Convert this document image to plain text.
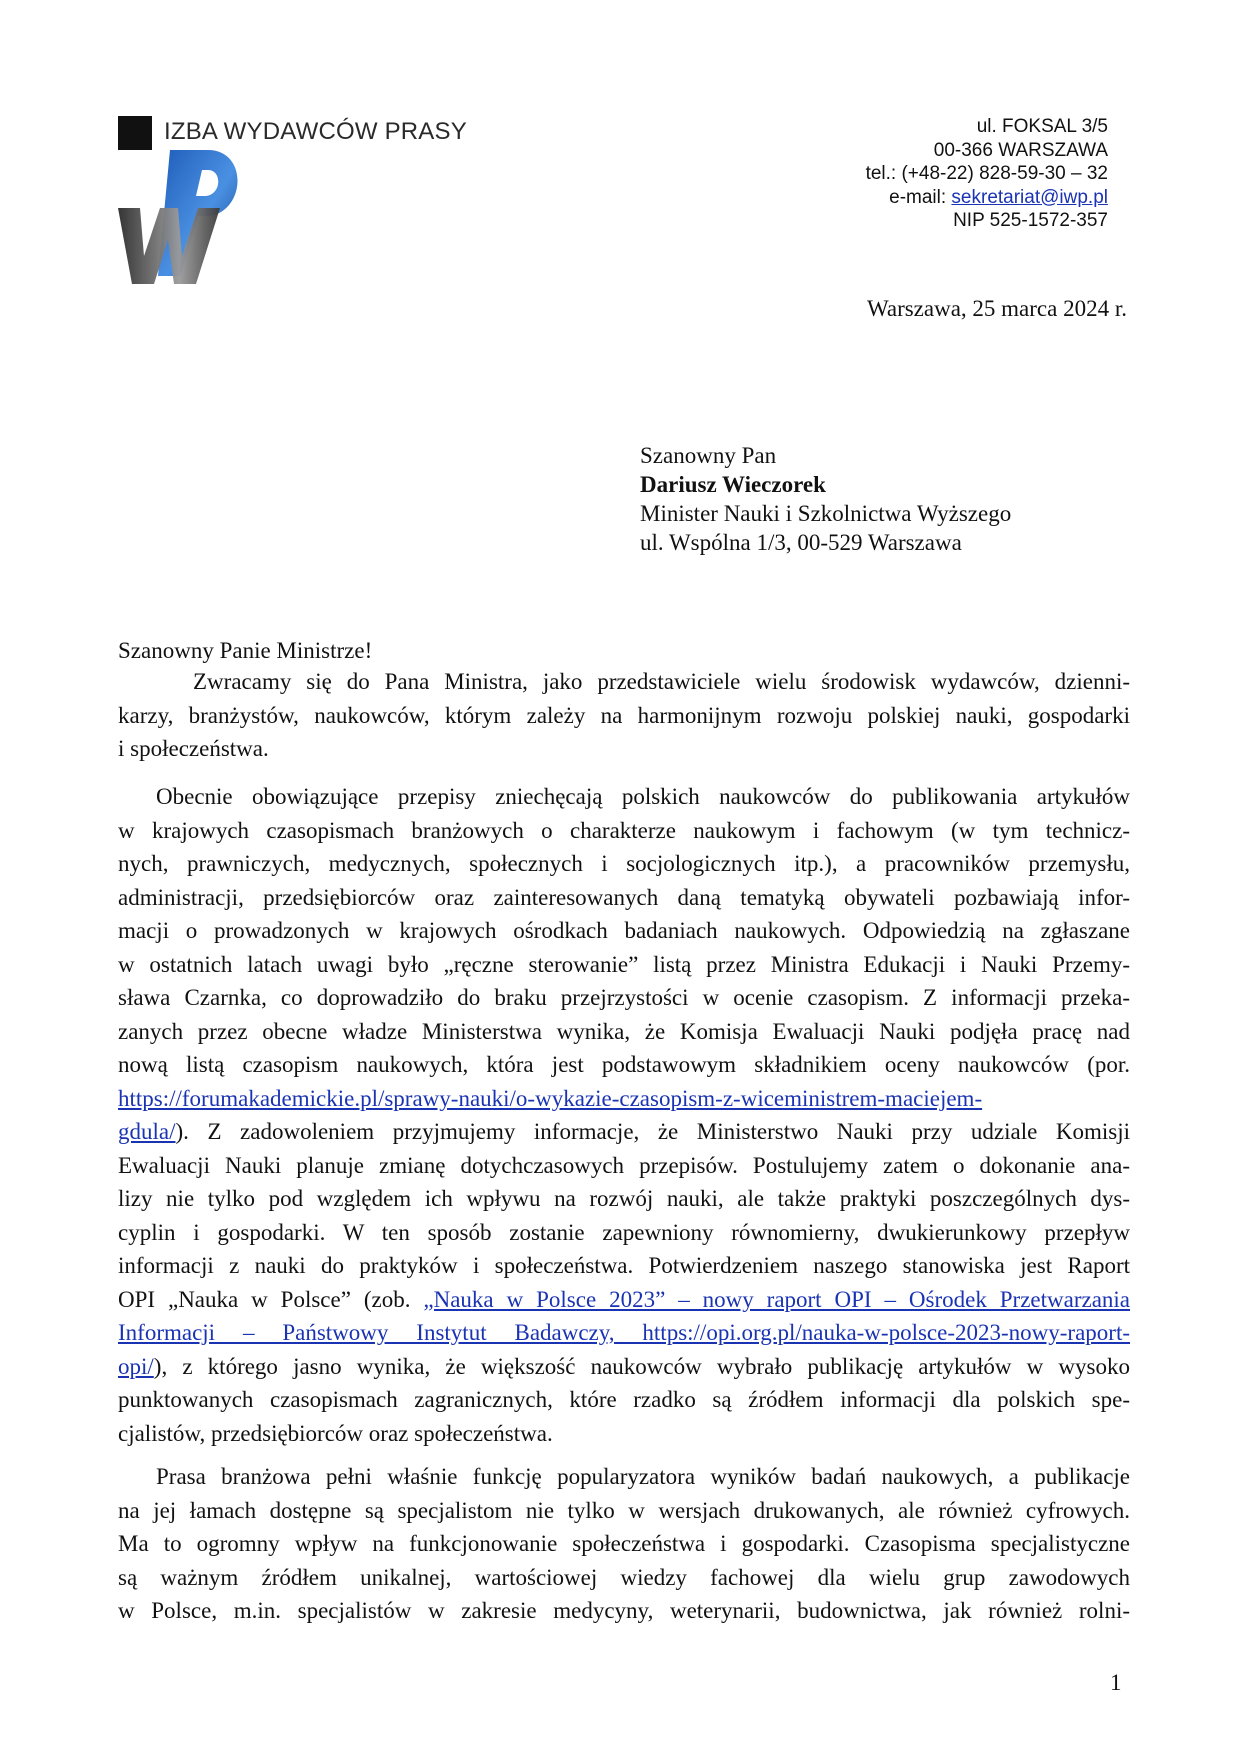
IZBA WYDAWCÓW PRASY	ul. FOKSAL 3/5
00-366 WARSZAWA
tel.: (+48-22) 828-59-30 – 32
e-mail: sekretariat@iwp.pl
NIP 525-1572-357
Warszawa, 25 marca 2024 r.
Szanowny Pan
Dariusz Wieczorek
Minister Nauki i Szkolnictwa Wyższego
ul. Wspólna 1/3, 00-529 Warszawa
Szanowny Panie Ministrze!
Zwracamy się do Pana Ministra, jako przedstawiciele wielu środowisk wydawców, dzienni-
karzy, branżystów, naukowców, którym zależy na harmonijnym rozwoju polskiej nauki, gospodarki
i społeczeństwa.
Obecnie obowiązujące przepisy zniechęcają polskich naukowców do publikowania artykułów
w krajowych czasopismach branżowych o charakterze naukowym i fachowym (w tym technicz-
nych, prawniczych, medycznych, społecznych i socjologicznych itp.), a pracowników przemysłu,
administracji, przedsiębiorców oraz zainteresowanych daną tematyką obywateli pozbawiają infor-
macji o prowadzonych w krajowych ośrodkach badaniach naukowych. Odpowiedzią na zgłaszane
w ostatnich latach uwagi było „ręczne sterowanie” listą przez Ministra Edukacji i Nauki Przemy-
sława Czarnka, co doprowadziło do braku przejrzystości w ocenie czasopism. Z informacji przeka-
zanych przez obecne władze Ministerstwa wynika, że Komisja Ewaluacji Nauki podjęła pracę nad
nową listą czasopism naukowych, która jest podstawowym składnikiem oceny naukowców (por.
https://forumakademickie.pl/sprawy-nauki/o-wykazie-czasopism-z-wiceministrem-maciejem-
gdula/). Z zadowoleniem przyjmujemy informacje, że Ministerstwo Nauki przy udziale Komisji
Ewaluacji Nauki planuje zmianę dotychczasowych przepisów. Postulujemy zatem o dokonanie ana-
lizy nie tylko pod względem ich wpływu na rozwój nauki, ale także praktyki poszczególnych dys-
cyplin i gospodarki. W ten sposób zostanie zapewniony równomierny, dwukierunkowy przepływ
informacji z nauki do praktyków i społeczeństwa. Potwierdzeniem naszego stanowiska jest Raport
OPI „Nauka w Polsce” (zob. „Nauka w Polsce 2023” – nowy raport OPI – Ośrodek Przetwarzania
Informacji – Państwowy Instytut Badawczy, https://opi.org.pl/nauka-w-polsce-2023-nowy-raport-
opi/), z którego jasno wynika, że większość naukowców wybrało publikację artykułów w wysoko
punktowanych czasopismach zagranicznych, które rzadko są źródłem informacji dla polskich spe-
cjalistów, przedsiębiorców oraz społeczeństwa.
Prasa branżowa pełni właśnie funkcję popularyzatora wyników badań naukowych, a publikacje
na jej łamach dostępne są specjalistom nie tylko w wersjach drukowanych, ale również cyfrowych.
Ma to ogromny wpływ na funkcjonowanie społeczeństwa i gospodarki. Czasopisma specjalistyczne
są ważnym źródłem unikalnej, wartościowej wiedzy fachowej dla wielu grup zawodowych
w Polsce, m.in. specjalistów w zakresie medycyny, weterynarii, budownictwa, jak również rolni-
1
